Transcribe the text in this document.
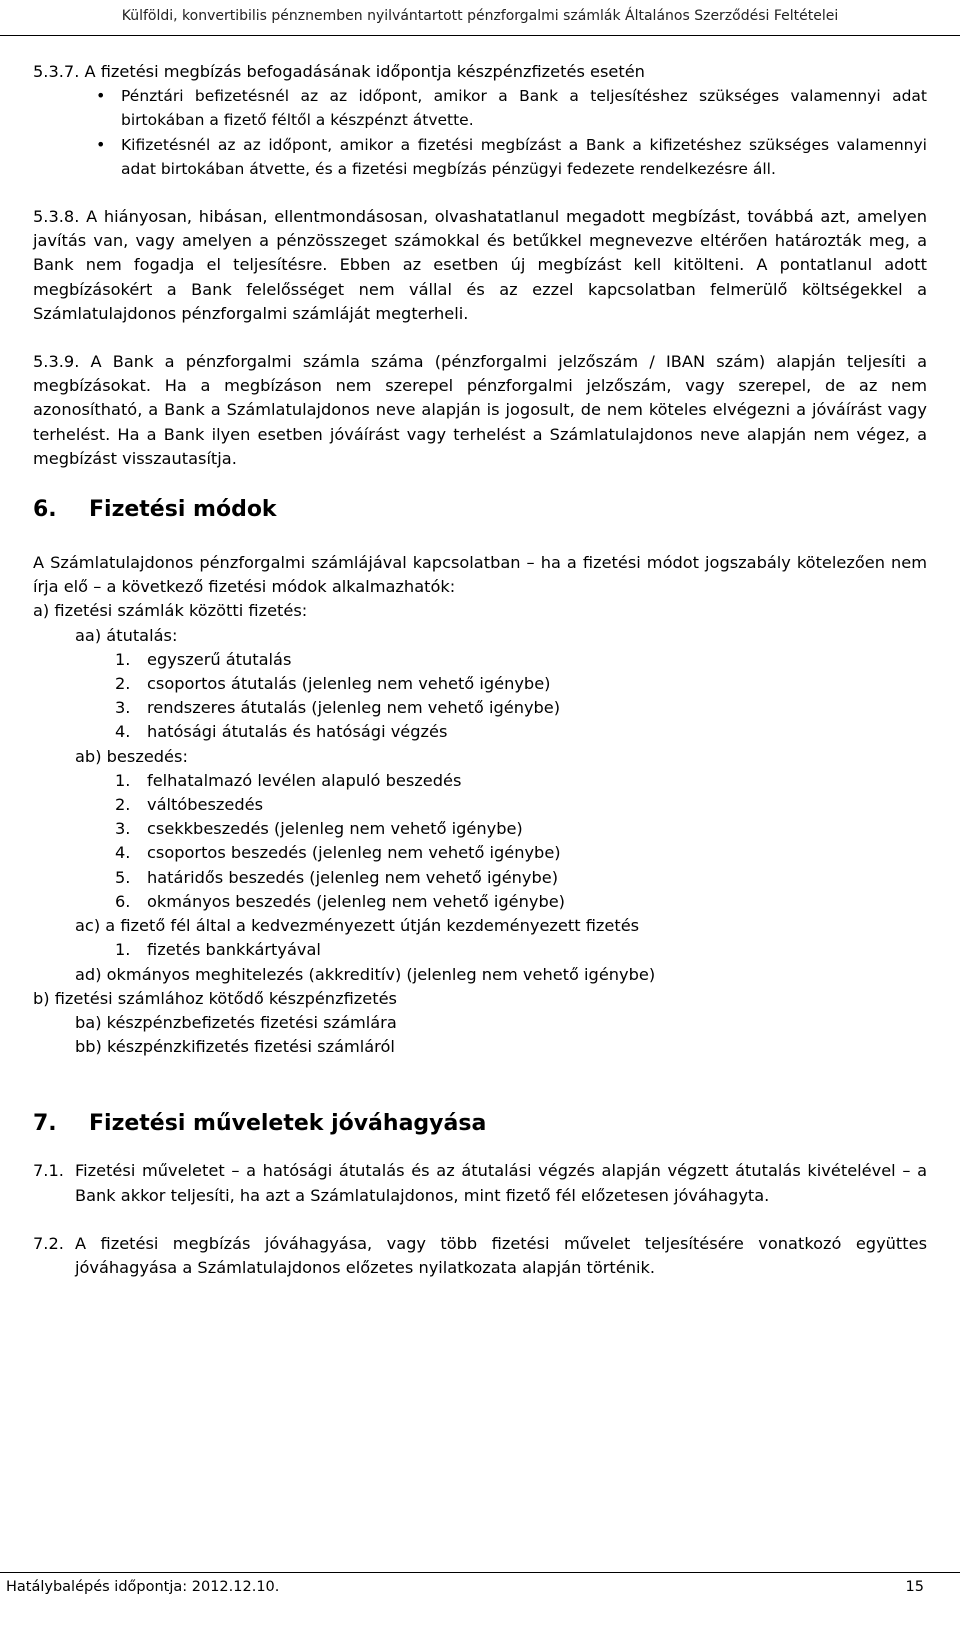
Külföldi, konvertibilis pénznemben nyilvántartott pénzforgalmi számlák Általános Szerződési Feltételei

5.3.7. A fizetési megbízás befogadásának időpontja készpénzfizetés esetén

• Pénztári befizetésnél az az időpont, amikor a Bank a teljesítéshez szükséges valamennyi adat birtokában a fizető féltől a készpénzt átvette.
• Kifizetésnél az az időpont, amikor a fizetési megbízást a Bank a kifizetéshez szükséges valamennyi adat birtokában átvette, és a fizetési megbízás pénzügyi fedezete rendelkezésre áll.

5.3.8. A hiányosan, hibásan, ellentmondásosan, olvashatatlanul megadott megbízást, továbbá azt, amelyen javítás van, vagy amelyen a pénzösszeget számokkal és betűkkel megnevezve eltérően határozták meg, a Bank nem fogadja el teljesítésre. Ebben az esetben új megbízást kell kitölteni. A pontatlanul adott megbízásokért a Bank felelősséget nem vállal és az ezzel kapcsolatban felmerülő költségekkel a Számlatulajdonos pénzforgalmi számláját megterheli.

5.3.9. A Bank a pénzforgalmi számla száma (pénzforgalmi jelzőszám / IBAN szám) alapján teljesíti a megbízásokat. Ha a megbízáson nem szerepel pénzforgalmi jelzőszám, vagy szerepel, de az nem azonosítható, a Bank a Számlatulajdonos neve alapján is jogosult, de nem köteles elvégezni a jóváírást vagy terhelést. Ha a Bank ilyen esetben jóváírást vagy terhelést a Számlatulajdonos neve alapján nem végez, a megbízást visszautasítja.

6.	Fizetési módok

A Számlatulajdonos pénzforgalmi számlájával kapcsolatban – ha a fizetési módot jogszabály kötelezően nem írja elő – a következő fizetési módok alkalmazhatók:

a) fizetési számlák közötti fizetés:
aa) átutalás:
1. egyszerű átutalás
2. csoportos átutalás (jelenleg nem vehető igénybe)
3. rendszeres átutalás (jelenleg nem vehető igénybe)
4. hatósági átutalás és hatósági végzés
ab) beszedés:
1. felhatalmazó levélen alapuló beszedés
2. váltóbeszedés
3. csekkbeszedés (jelenleg nem vehető igénybe)
4. csoportos beszedés (jelenleg nem vehető igénybe)
5. határidős beszedés (jelenleg nem vehető igénybe)
6. okmányos beszedés (jelenleg nem vehető igénybe)
ac) a fizető fél által a kedvezményezett útján kezdeményezett fizetés
1. fizetés bankkártyával
ad) okmányos meghitelezés (akkreditív) (jelenleg nem vehető igénybe)
b) fizetési számlához kötődő készpénzfizetés
ba) készpénzbefizetés fizetési számlára
bb) készpénzkifizetés fizetési számláról
7.	Fizetési műveletek jóváhagyása
7.1. Fizetési műveletet – a hatósági átutalás és az átutalási végzés alapján végzett átutalás kivételével – a Bank akkor teljesíti, ha azt a Számlatulajdonos, mint fizető fél előzetesen jóváhagyta.
7.2. A fizetési megbízás jóváhagyása, vagy több fizetési művelet teljesítésére vonatkozó együttes jóváhagyása a Számlatulajdonos előzetes nyilatkozata alapján történik.
Hatálybalépés időpontja: 2012.12.10.	15
